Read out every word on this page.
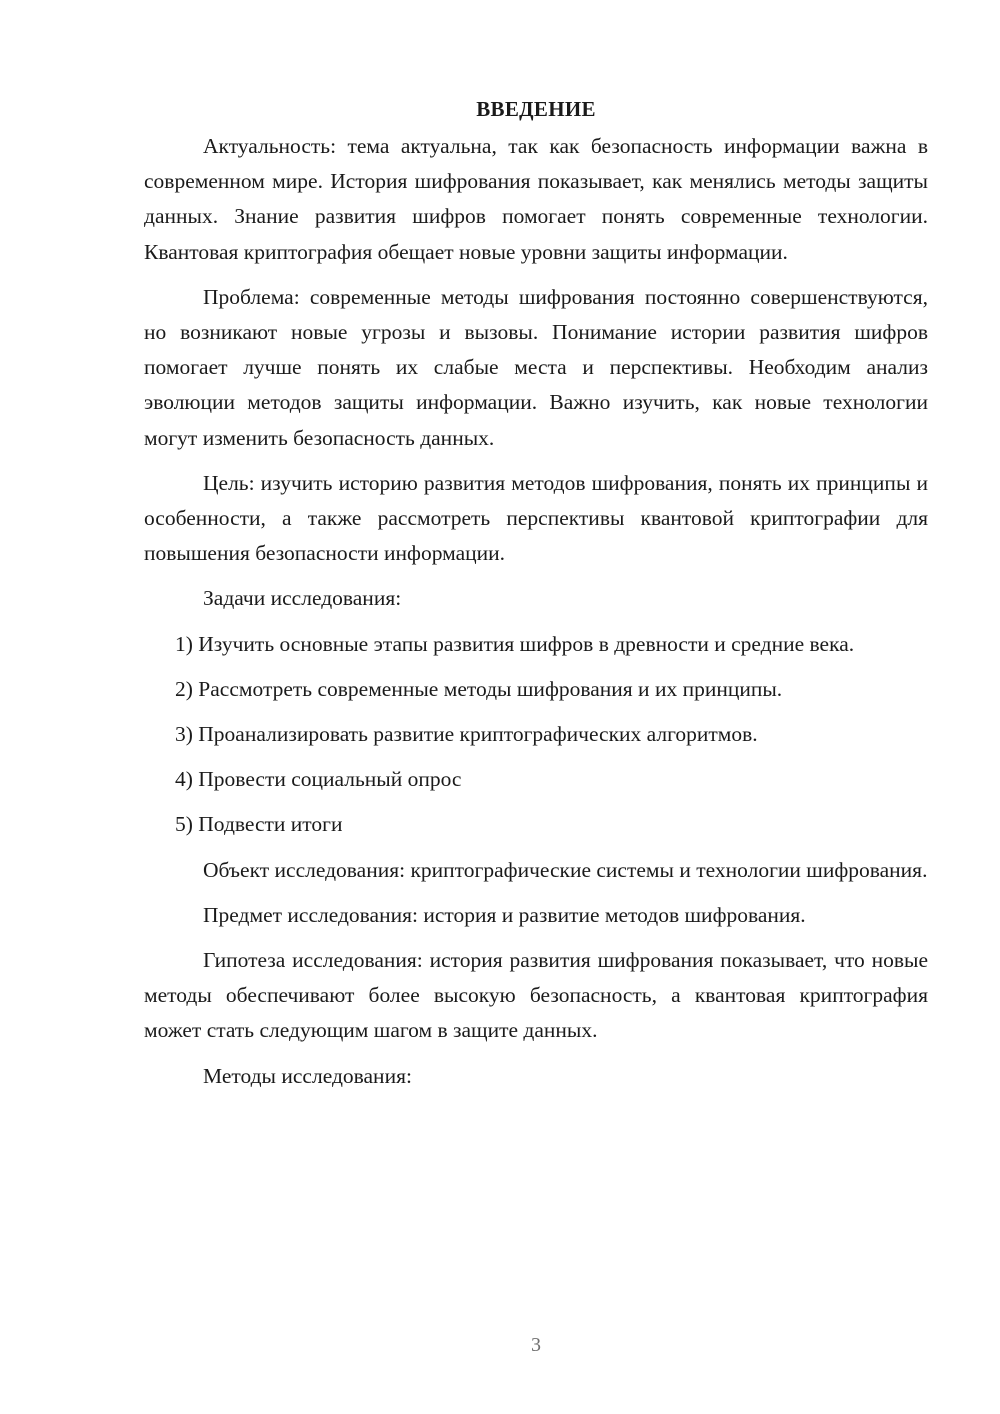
ВВЕДЕНИЕ

Актуальность: тема актуальна, так как безопасность информации важна в современном мире. История шифрования показывает, как менялись методы защиты данных. Знание развития шифров помогает понять современные технологии. Квантовая криптография обещает новые уровни защиты информации.

Проблема: современные методы шифрования постоянно совершенствуются, но возникают новые угрозы и вызовы. Понимание истории развития шифров помогает лучше понять их слабые места и перспективы. Необходим анализ эволюции методов защиты информации. Важно изучить, как новые технологии могут изменить безопасность данных.

Цель: изучить историю развития методов шифрования, понять их принципы и особенности, а также рассмотреть перспективы квантовой криптографии для повышения безопасности информации.

Задачи исследования:

1) Изучить основные этапы развития шифров в древности и средние века.

2) Рассмотреть современные методы шифрования и их принципы.

3) Проанализировать развитие криптографических алгоритмов.

4) Провести социальный опрос

5) Подвести итоги

Объект исследования: криптографические системы и технологии шифрования.

Предмет исследования: история и развитие методов шифрования.

Гипотеза исследования: история развития шифрования показывает, что новые методы обеспечивают более высокую безопасность, а квантовая криптография может стать следующим шагом в защите данных.

Методы исследования:

3
